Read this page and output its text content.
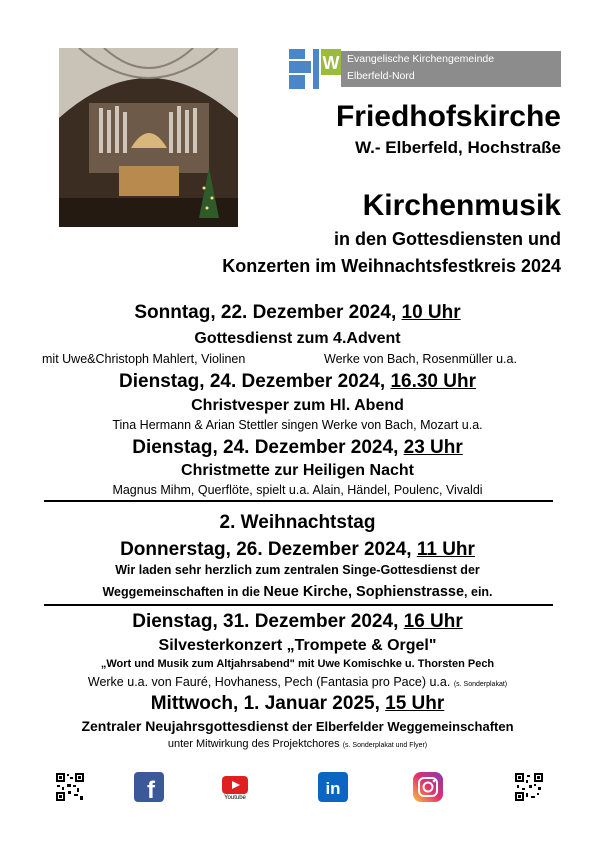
W Evangelische Kirchengemeinde
Elberfeld-Nord
Friedhofskirche
W.- Elberfeld, Hochstraße
Kirchenmusik
in den Gottesdiensten und
Konzerten im Weihnachtsfestkreis 2024
Sonntag, 22. Dezember 2024, 10 Uhr
Gottesdienst zum 4.Advent
mit Uwe&Christoph Mahlert, Violinen	Werke von Bach, Rosenmüller u.a.
Dienstag, 24. Dezember 2024, 16.30 Uhr
Christvesper zum Hl. Abend
Tina Hermann & Arian Stettler singen Werke von Bach, Mozart u.a.
Dienstag, 24. Dezember 2024, 23 Uhr
Christmette zur Heiligen Nacht
Magnus Mihm, Querflöte, spielt u.a. Alain, Händel, Poulenc, Vivaldi
2. Weihnachtstag
Donnerstag, 26. Dezember 2024, 11 Uhr
Wir laden sehr herzlich zum zentralen Singe-Gottesdienst der
Weggemeinschaften in die Neue Kirche, Sophienstrasse, ein.
Dienstag, 31. Dezember 2024, 16 Uhr
Silvesterkonzert „Trompete & Orgel"
„Wort und Musik zum Altjahrsabend" mit Uwe Komischke u. Thorsten Pech
Werke u.a. von Fauré, Hovhaness, Pech (Fantasia pro Pace) u.a. (s. Sonderplakat)
Mittwoch, 1. Januar 2025, 15 Uhr
Zentraler Neujahrsgottesdienst der Elberfelder Weggemeinschaften
unter Mitwirkung des Projektchores (s. Sonderplakat und Flyer)
f	Youtube	in
